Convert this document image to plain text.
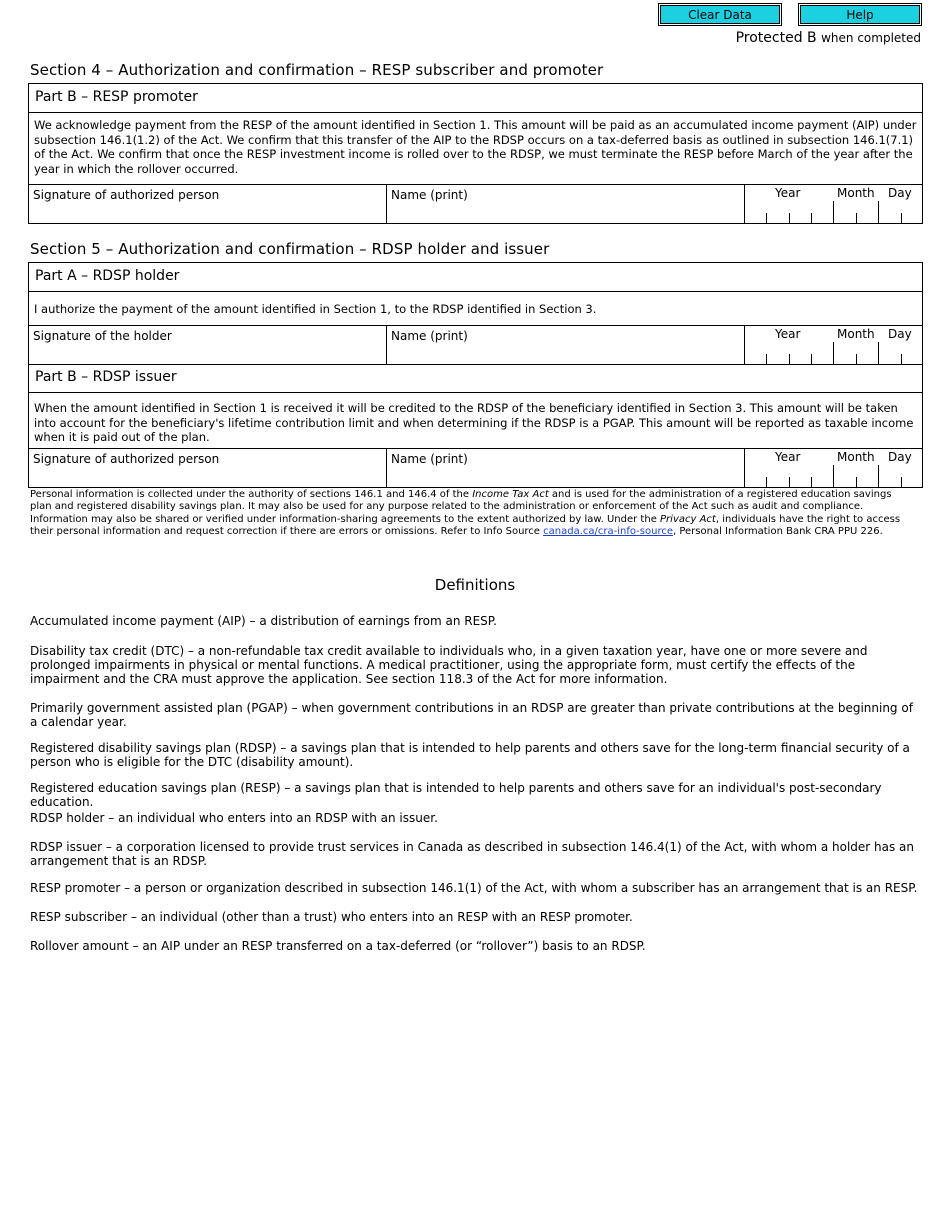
Clear Data	Help
Protected B when completed
Section 4 – Authorization and confirmation – RESP subscriber and promoter
Part B – RESP promoter
We acknowledge payment from the RESP of the amount identified in Section 1. This amount will be paid as an accumulated income payment (AIP) under subsection 146.1(1.2) of the Act. We confirm that this transfer of the AIP to the RDSP occurs on a tax-deferred basis as outlined in subsection 146.1(7.1) of the Act. We confirm that once the RESP investment income is rolled over to the RDSP, we must terminate the RESP before March of the year after the year in which the rollover occurred.
Signature of authorized person	Name (print)	Year	Month Day
Section 5 – Authorization and confirmation – RDSP holder and issuer
Part A – RDSP holder
I authorize the payment of the amount identified in Section 1, to the RDSP identified in Section 3.
Signature of the holder	Name (print)	Year	Month Day
Part B – RDSP issuer
When the amount identified in Section 1 is received it will be credited to the RDSP of the beneficiary identified in Section 3. This amount will be taken into account for the beneficiary's lifetime contribution limit and when determining if the RDSP is a PGAP. This amount will be reported as taxable income when it is paid out of the plan.
Signature of authorized person	Name (print)	Year	Month Day
Personal information is collected under the authority of sections 146.1 and 146.4 of the Income Tax Act and is used for the administration of a registered education savings plan and registered disability savings plan. It may also be used for any purpose related to the administration or enforcement of the Act such as audit and compliance. Information may also be shared or verified under information-sharing agreements to the extent authorized by law. Under the Privacy Act, individuals have the right to access their personal information and request correction if there are errors or omissions. Refer to Info Source canada.ca/cra-info-source, Personal Information Bank CRA PPU 226.
Definitions
Accumulated income payment (AIP) – a distribution of earnings from an RESP.
Disability tax credit (DTC) – a non-refundable tax credit available to individuals who, in a given taxation year, have one or more severe and prolonged impairments in physical or mental functions. A medical practitioner, using the appropriate form, must certify the effects of the impairment and the CRA must approve the application. See section 118.3 of the Act for more information.
Primarily government assisted plan (PGAP) – when government contributions in an RDSP are greater than private contributions at the beginning of a calendar year.
Registered disability savings plan (RDSP) – a savings plan that is intended to help parents and others save for the long-term financial security of a person who is eligible for the DTC (disability amount).
Registered education savings plan (RESP) – a savings plan that is intended to help parents and others save for an individual's post-secondary education.
RDSP holder – an individual who enters into an RDSP with an issuer.
RDSP issuer – a corporation licensed to provide trust services in Canada as described in subsection 146.4(1) of the Act, with whom a holder has an arrangement that is an RDSP.
RESP promoter – a person or organization described in subsection 146.1(1) of the Act, with whom a subscriber has an arrangement that is an RESP.
RESP subscriber – an individual (other than a trust) who enters into an RESP with an RESP promoter.
Rollover amount – an AIP under an RESP transferred on a tax-deferred (or “rollover”) basis to an RDSP.
